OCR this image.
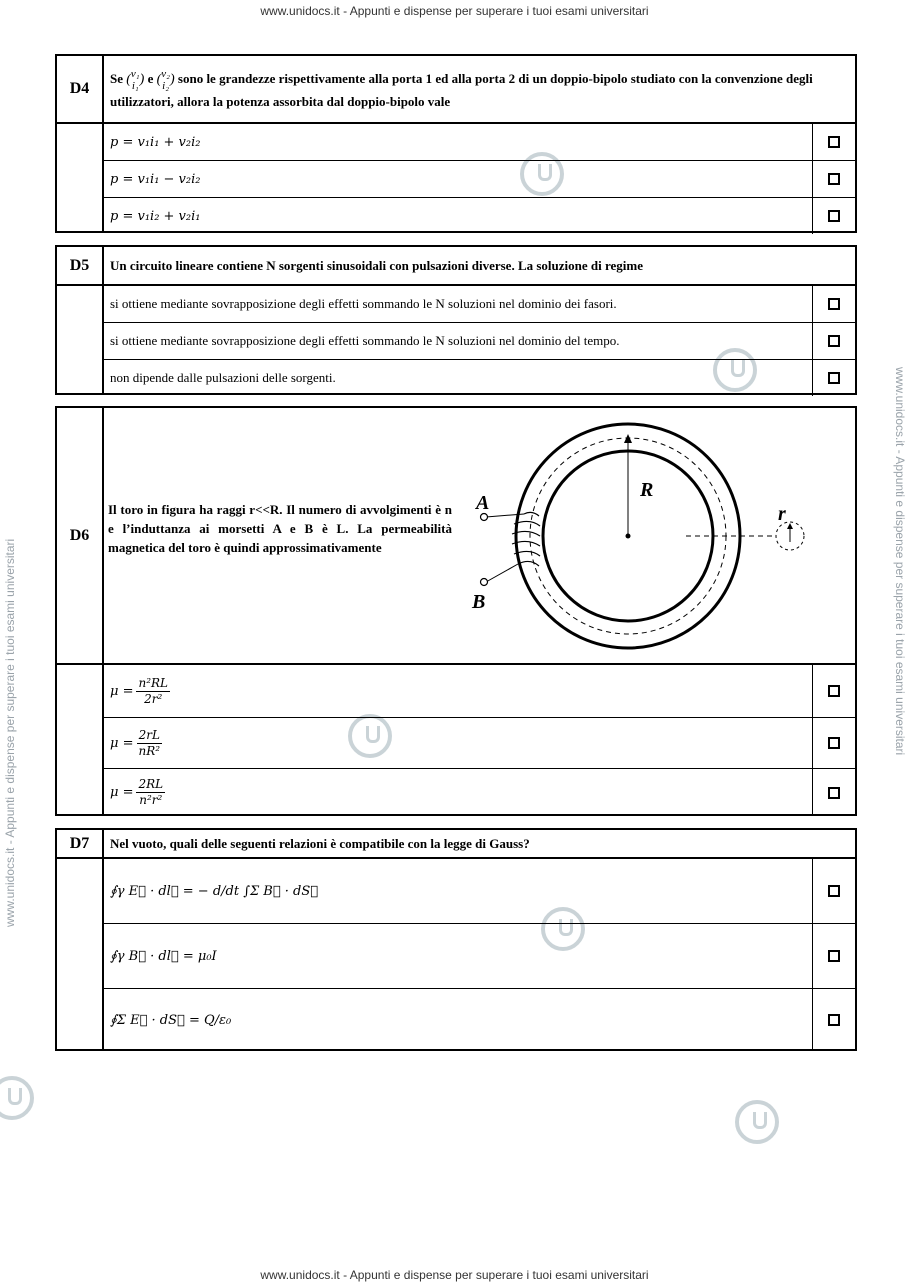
www.unidocs.it - Appunti e dispense per superare i tuoi esami universitari
www.unidocs.it - Appunti e dispense per superare i tuoi esami universitari
www.unidocs.it - Appunti e dispense per superare i tuoi esami universitari	www.unidocs.it - Appunti e dispense per superare i tuoi esami universitari
D4
Se ( v₁
i₁ ) e ( v₂
i₂ ) sono le grandezze rispettivamente alla porta 1 ed alla porta 2 di un doppio-bipolo studiato con la convenzione degli utilizzatori, allora la potenza assorbita dal doppio-bipolo vale
p = v₁i₁ + v₂i₂
p = v₁i₁ − v₂i₂
p = v₁i₂ + v₂i₁
D5	Un circuito lineare contiene N sorgenti sinusoidali con pulsazioni diverse. La soluzione di regime
si ottiene mediante sovrapposizione degli effetti sommando le N soluzioni nel dominio dei fasori.
si ottiene mediante sovrapposizione degli effetti sommando le N soluzioni nel dominio del tempo.
non dipende dalle pulsazioni delle sorgenti.
D6
Il toro in figura ha raggi r<<R. Il numero di avvolgimenti è n e l’induttanza ai morsetti A e B è L. La permeabilità magnetica del toro è quindi approssimativamente
R
r
A
B
$\mu = \frac{\text{n²RL}}{\text{2r²}}$
$\mu = \frac{2rL}{\text{nR²}}$
$\mu = \frac{2RL}{\text{n²r²}}$
D7	Nel vuoto, quali delle seguenti relazioni è compatibile con la legge di Gauss?
∮γ E⃗ · dl⃗ = − d/dt ∫Σ B⃗ · dS⃗
∮γ B⃗ · dl⃗ = μ₀I
∮Σ E⃗ · dS⃗ = Q/ε₀
